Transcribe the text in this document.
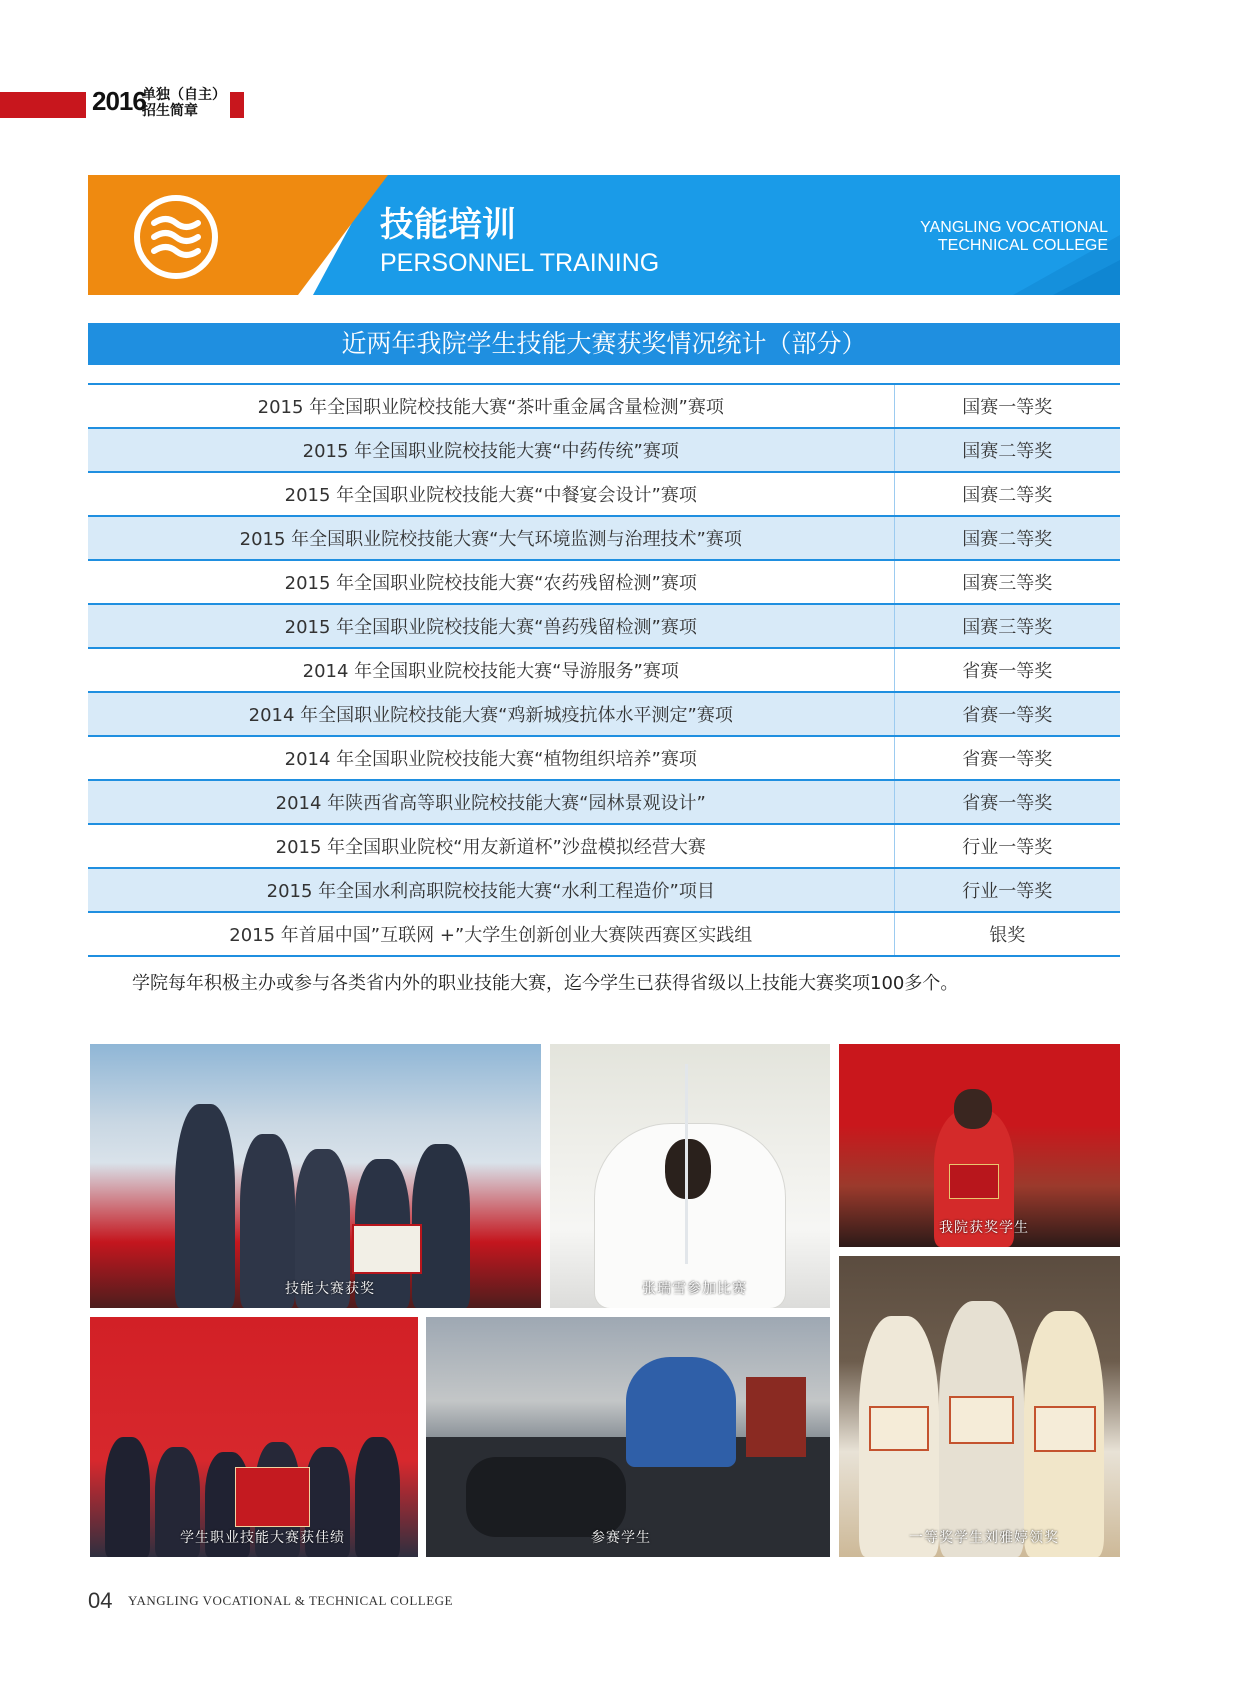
2016
单独（自主）
招生简章
技能培训
PERSONNEL TRAINING
YANGLING VOCATIONAL
TECHNICAL COLLEGE
近两年我院学生技能大赛获奖情况统计（部分）
2015 年全国职业院校技能大赛“茶叶重金属含量检测”赛项	国赛一等奖
2015 年全国职业院校技能大赛“中药传统”赛项	国赛二等奖
2015 年全国职业院校技能大赛“中餐宴会设计”赛项	国赛二等奖
2015 年全国职业院校技能大赛“大气环境监测与治理技术”赛项	国赛二等奖
2015 年全国职业院校技能大赛“农药残留检测”赛项	国赛三等奖
2015 年全国职业院校技能大赛“兽药残留检测”赛项	国赛三等奖
2014 年全国职业院校技能大赛“导游服务”赛项	省赛一等奖
2014 年全国职业院校技能大赛“鸡新城疫抗体水平测定”赛项	省赛一等奖
2014 年全国职业院校技能大赛“植物组织培养”赛项	省赛一等奖
2014 年陕西省高等职业院校技能大赛“园林景观设计”	省赛一等奖
2015 年全国职业院校“用友新道杯”沙盘模拟经营大赛	行业一等奖
2015 年全国水利高职院校技能大赛“水利工程造价”项目	行业一等奖
2015 年首届中国”互联网 +”大学生创新创业大赛陕西赛区实践组	银奖
学院每年积极主办或参与各类省内外的职业技能大赛，迄今学生已获得省级以上技能大赛奖项100多个。
技能大赛获奖	张瑞雪参加比赛
我院获奖学生
学生职业技能大赛获佳绩	参赛学生	一等奖学生刘雅婷领奖
04 YANGLING VOCATIONAL & TECHNICAL COLLEGE
